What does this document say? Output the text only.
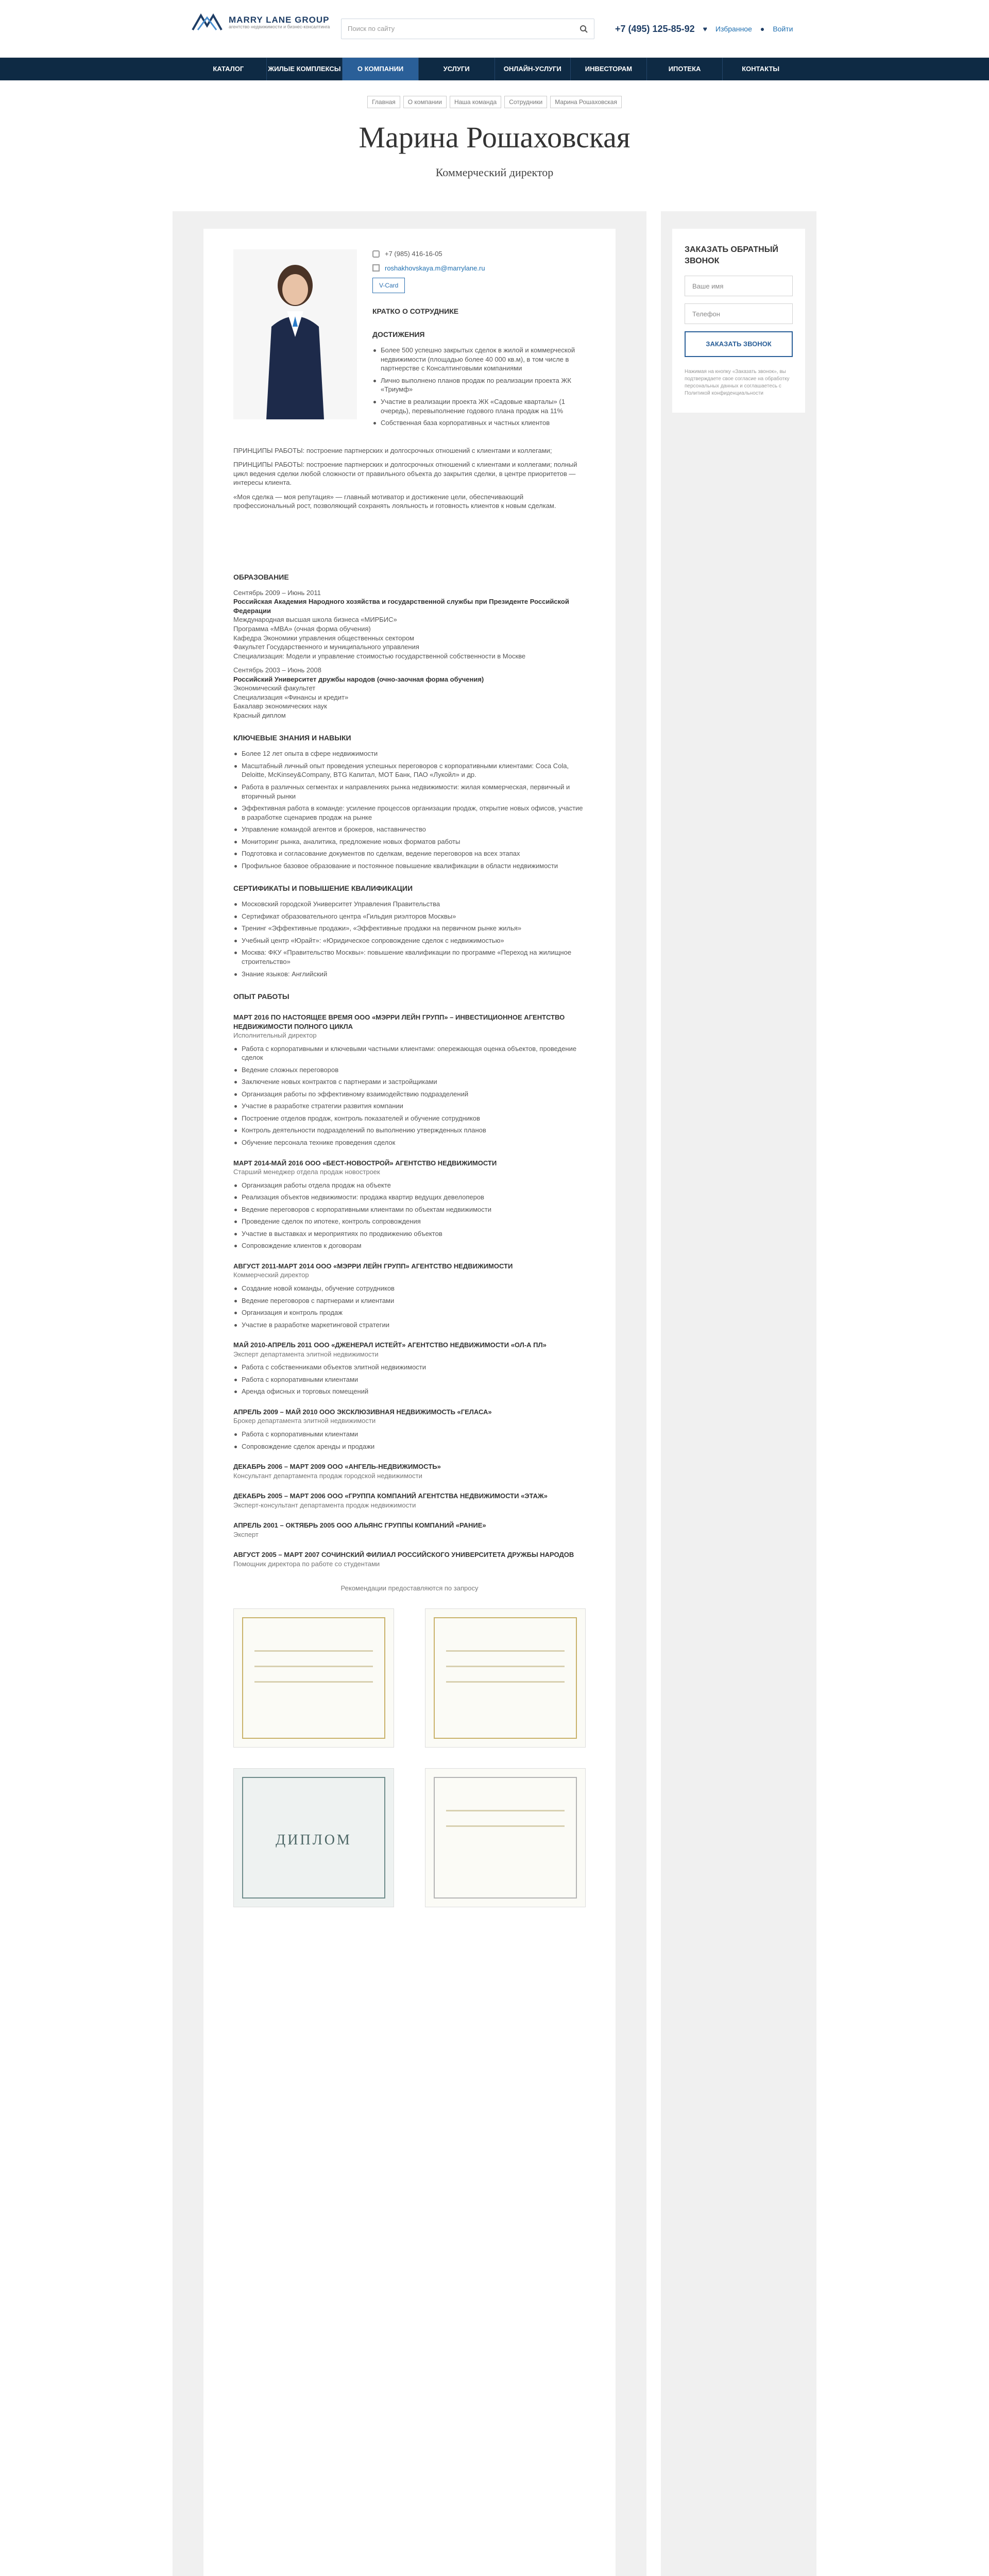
MARRY LANE GROUP
агентство недвижимости и бизнес-консалтинга	Поиск по сайту	+7 (495) 125-85-92 ♥ Избранное ● Войти
КАТАЛОГ	ЖИЛЫЕ КОМПЛЕКСЫ	О КОМПАНИИ	УСЛУГИ	ОНЛАЙН-УСЛУГИ	ИНВЕСТОРАМ	ИПОТЕКА	КОНТАКТЫ
Главная О компании Наша команда Сотрудники Марина Рошаховская
Марина Рошаховская
Коммерческий директор
+7 (985) 416-16-05
roshakhovskaya.m@marrylane.ru
V-Card
КРАТКО О СОТРУДНИКЕ
ДОСТИЖЕНИЯ
Более 500 успешно закрытых сделок в жилой и коммерческой недвижимости (площадью более 40 000 кв.м), в том числе в партнерстве с Консалтинговыми компаниями
Лично выполнено планов продаж по реализации проекта ЖК «Триумф»
Участие в реализации проекта ЖК «Садовые кварталы» (1 очередь), перевыполнение годового плана продаж на 11%
Собственная база корпоративных и частных клиентов
ПРИНЦИПЫ РАБОТЫ: построение партнерских и долгосрочных отношений с клиентами и коллегами;
ПРИНЦИПЫ РАБОТЫ: построение партнерских и долгосрочных отношений с клиентами и коллегами; полный цикл ведения сделки любой сложности от правильного объекта до закрытия сделки, в центре приоритетов — интересы клиента.
«Моя сделка — моя репутация» — главный мотиватор и достижение цели, обеспечивающий профессиональный рост, позволяющий сохранять лояльность и готовность клиентов к новым сделкам.
ОБРАЗОВАНИЕ
Сентябрь 2009 – Июнь 2011
Российская Академия Народного хозяйства и государственной службы при Президенте Российской Федерации
Международная высшая школа бизнеса «МИРБИС»
Программа «MBA» (очная форма обучения)
Кафедра Экономики управления общественных сектором
Факультет Государственного и муниципального управления
Специализация: Модели и управление стоимостью государственной собственности в Москве
Сентябрь 2003 – Июнь 2008
Российский Университет дружбы народов (очно-заочная форма обучения)
Экономический факультет
Специализация «Финансы и кредит»
Бакалавр экономических наук
Красный диплом
КЛЮЧЕВЫЕ ЗНАНИЯ И НАВЫКИ
Более 12 лет опыта в сфере недвижимости
Масштабный личный опыт проведения успешных переговоров с корпоративными клиентами: Coca Cola, Deloitte, McKinsey&Company, BTG Капитал, МОТ Банк, ПАО «Лукойл» и др.
Работа в различных сегментах и направлениях рынка недвижимости: жилая коммерческая, первичный и вторичный рынки
Эффективная работа в команде: усиление процессов организации продаж, открытие новых офисов, участие в разработке сценариев продаж на рынке
Управление командой агентов и брокеров, наставничество
Мониторинг рынка, аналитика, предложение новых форматов работы
Подготовка и согласование документов по сделкам, ведение переговоров на всех этапах
Профильное базовое образование и постоянное повышение квалификации в области недвижимости
СЕРТИФИКАТЫ И ПОВЫШЕНИЕ КВАЛИФИКАЦИИ
Московский городской Университет Управления Правительства
Сертификат образовательного центра «Гильдия риэлторов Москвы»
Тренинг «Эффективные продажи», «Эффективные продажи на первичном рынке жилья»
Учебный центр «Юрайт»: «Юридическое сопровождение сделок с недвижимостью»
Москва: ФКУ «Правительство Москвы»: повышение квалификации по программе «Переход на жилищное строительство»
Знание языков: Английский
ОПЫТ РАБОТЫ
МАРТ 2016 ПО НАСТОЯЩЕЕ ВРЕМЯ ООО «МЭРРИ ЛЕЙН ГРУПП» – ИНВЕСТИЦИОННОЕ АГЕНТСТВО НЕДВИЖИМОСТИ ПОЛНОГО ЦИКЛА
Исполнительный директор
Работа с корпоративными и ключевыми частными клиентами: опережающая оценка объектов, проведение сделок
Ведение сложных переговоров
Заключение новых контрактов с партнерами и застройщиками
Организация работы по эффективному взаимодействию подразделений
Участие в разработке стратегии развития компании
Построение отделов продаж, контроль показателей и обучение сотрудников
Контроль деятельности подразделений по выполнению утвержденных планов
Обучение персонала технике проведения сделок
МАРТ 2014-МАЙ 2016 ООО «БЕСТ-НОВОСТРОЙ» АГЕНТСТВО НЕДВИЖИМОСТИ
Старший менеджер отдела продаж новостроек
Организация работы отдела продаж на объекте
Реализация объектов недвижимости: продажа квартир ведущих девелоперов
Ведение переговоров с корпоративными клиентами по объектам недвижимости
Проведение сделок по ипотеке, контроль сопровождения
Участие в выставках и мероприятиях по продвижению объектов
Сопровождение клиентов к договорам
АВГУСТ 2011-МАРТ 2014 ООО «МЭРРИ ЛЕЙН ГРУПП» АГЕНТСТВО НЕДВИЖИМОСТИ
Коммерческий директор
Создание новой команды, обучение сотрудников
Ведение переговоров с партнерами и клиентами
Организация и контроль продаж
Участие в разработке маркетинговой стратегии
МАЙ 2010-АПРЕЛЬ 2011 ООО «ДЖЕНЕРАЛ ИСТЕЙТ» АГЕНТСТВО НЕДВИЖИМОСТИ «ОЛ-А ПЛ»
Эксперт департамента элитной недвижимости
Работа с собственниками объектов элитной недвижимости
Работа с корпоративными клиентами
Аренда офисных и торговых помещений
АПРЕЛЬ 2009 – МАЙ 2010 ООО ЭКСКЛЮЗИВНАЯ НЕДВИЖИМОСТЬ «ГЕЛАСА»
Брокер департамента элитной недвижимости
Работа с корпоративными клиентами
Сопровождение сделок аренды и продажи
ДЕКАБРЬ 2006 – МАРТ 2009 ООО «АНГЕЛЬ-НЕДВИЖИМОСТЬ»
Консультант департамента продаж городской недвижимости
ДЕКАБРЬ 2005 – МАРТ 2006 ООО «ГРУППА КОМПАНИЙ АГЕНТСТВА НЕДВИЖИМОСТИ «ЭТАЖ»
Эксперт-консультант департамента продаж недвижимости
АПРЕЛЬ 2001 – ОКТЯБРЬ 2005 ООО АЛЬЯНС ГРУППЫ КОМПАНИЙ «РАНИЕ»
Эксперт
АВГУСТ 2005 – МАРТ 2007 СОЧИНСКИЙ ФИЛИАЛ РОССИЙСКОГО УНИВЕРСИТЕТА ДРУЖБЫ НАРОДОВ
Помощник директора по работе со студентами
Рекомендации предоставляются по запросу
ДИПЛОМ
ЗАКАЗАТЬ ОБРАТНЫЙ ЗВОНОК
Ваше имя
Телефон
ЗАКАЗАТЬ ЗВОНОК
Нажимая на кнопку «Заказать звонок», вы подтверждаете свое согласие на обработку персональных данных и соглашаетесь с Политикой конфиденциальности
